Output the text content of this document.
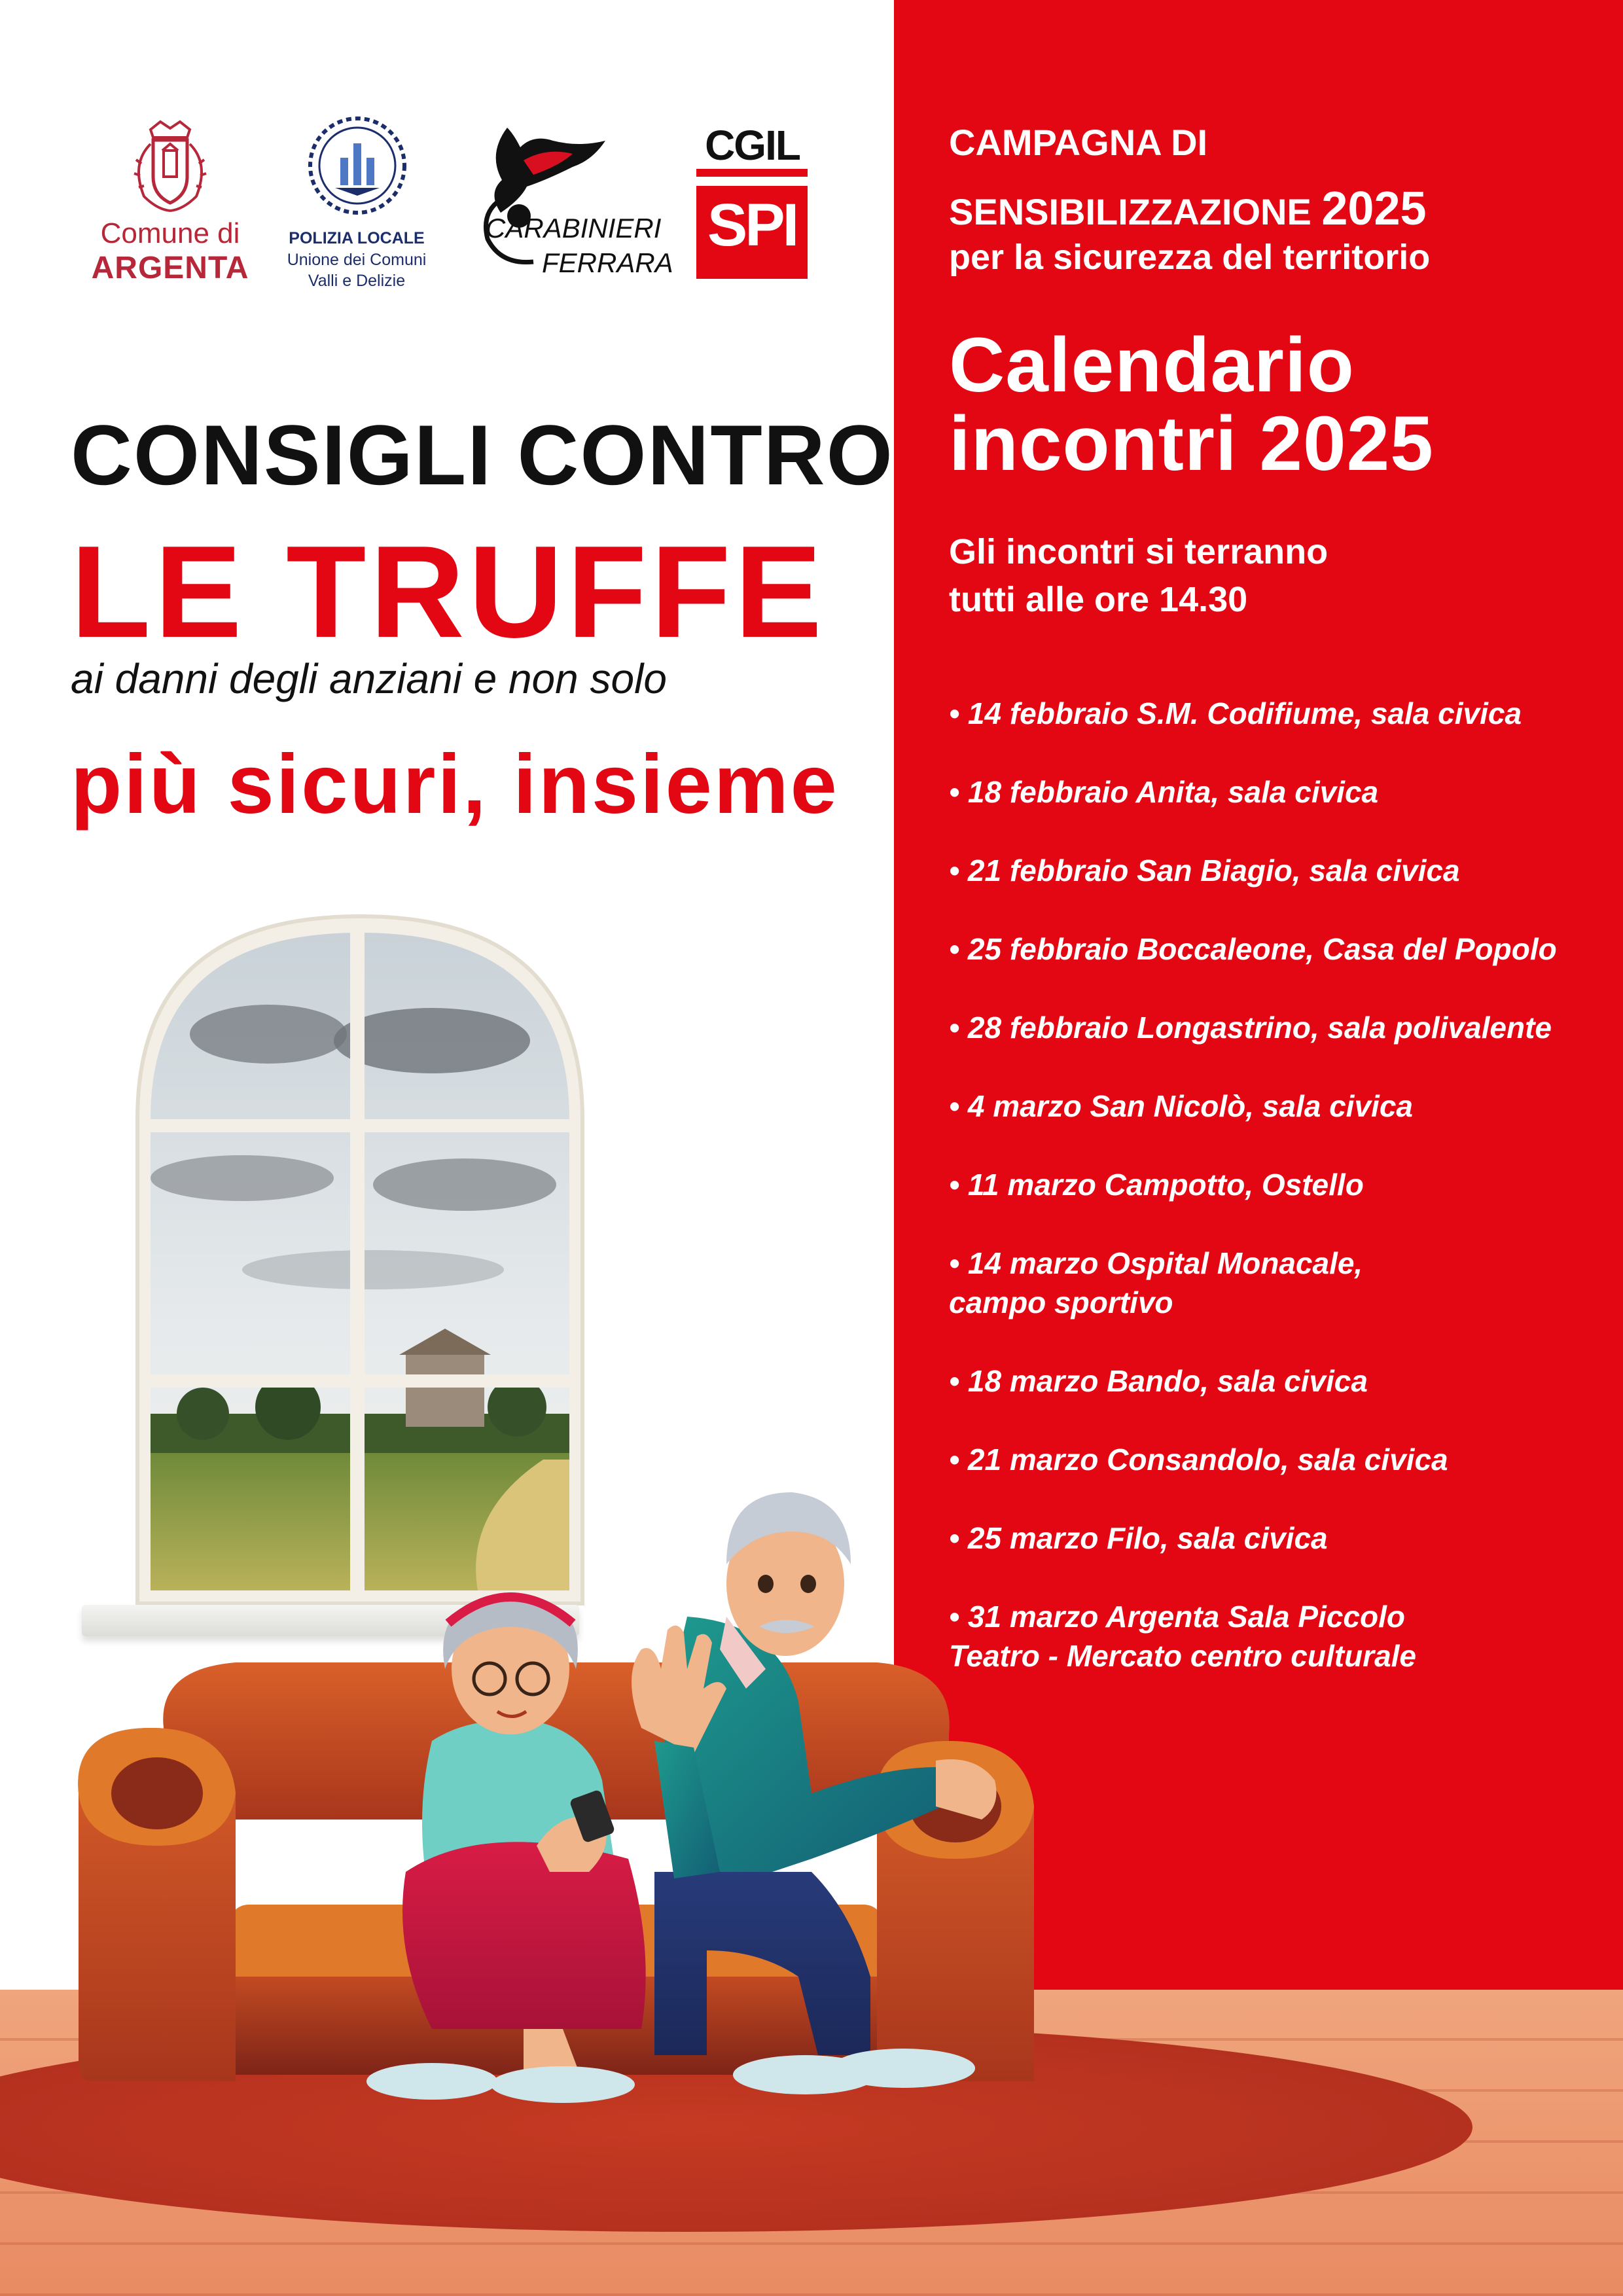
Comune di
ARGENTA
POLIZIA LOCALE
Unione dei Comuni
Valli e Delizie
CARABINIERI
FERRARA
CGIL
SPI
CONSIGLI CONTRO
LE TRUFFE
ai danni degli anziani e non solo
più sicuri, insieme
CAMPAGNA DI
SENSIBILIZZAZIONE 2025
per la sicurezza del territorio
Calendario
incontri 2025
Gli incontri si terranno
tutti alle ore 14.30
• 14 febbraio S.M. Codifiume, sala civica
• 18 febbraio Anita, sala civica
• 21 febbraio San Biagio, sala civica
• 25 febbraio Boccaleone, Casa del Popolo
• 28 febbraio Longastrino, sala polivalente
• 4 marzo San Nicolò, sala civica
• 11 marzo Campotto, Ostello
• 14 marzo Ospital Monacale,
campo sportivo
• 18 marzo Bando, sala civica
• 21 marzo Consandolo, sala civica
• 25 marzo Filo, sala civica
• 31 marzo Argenta Sala Piccolo
Teatro - Mercato centro culturale
